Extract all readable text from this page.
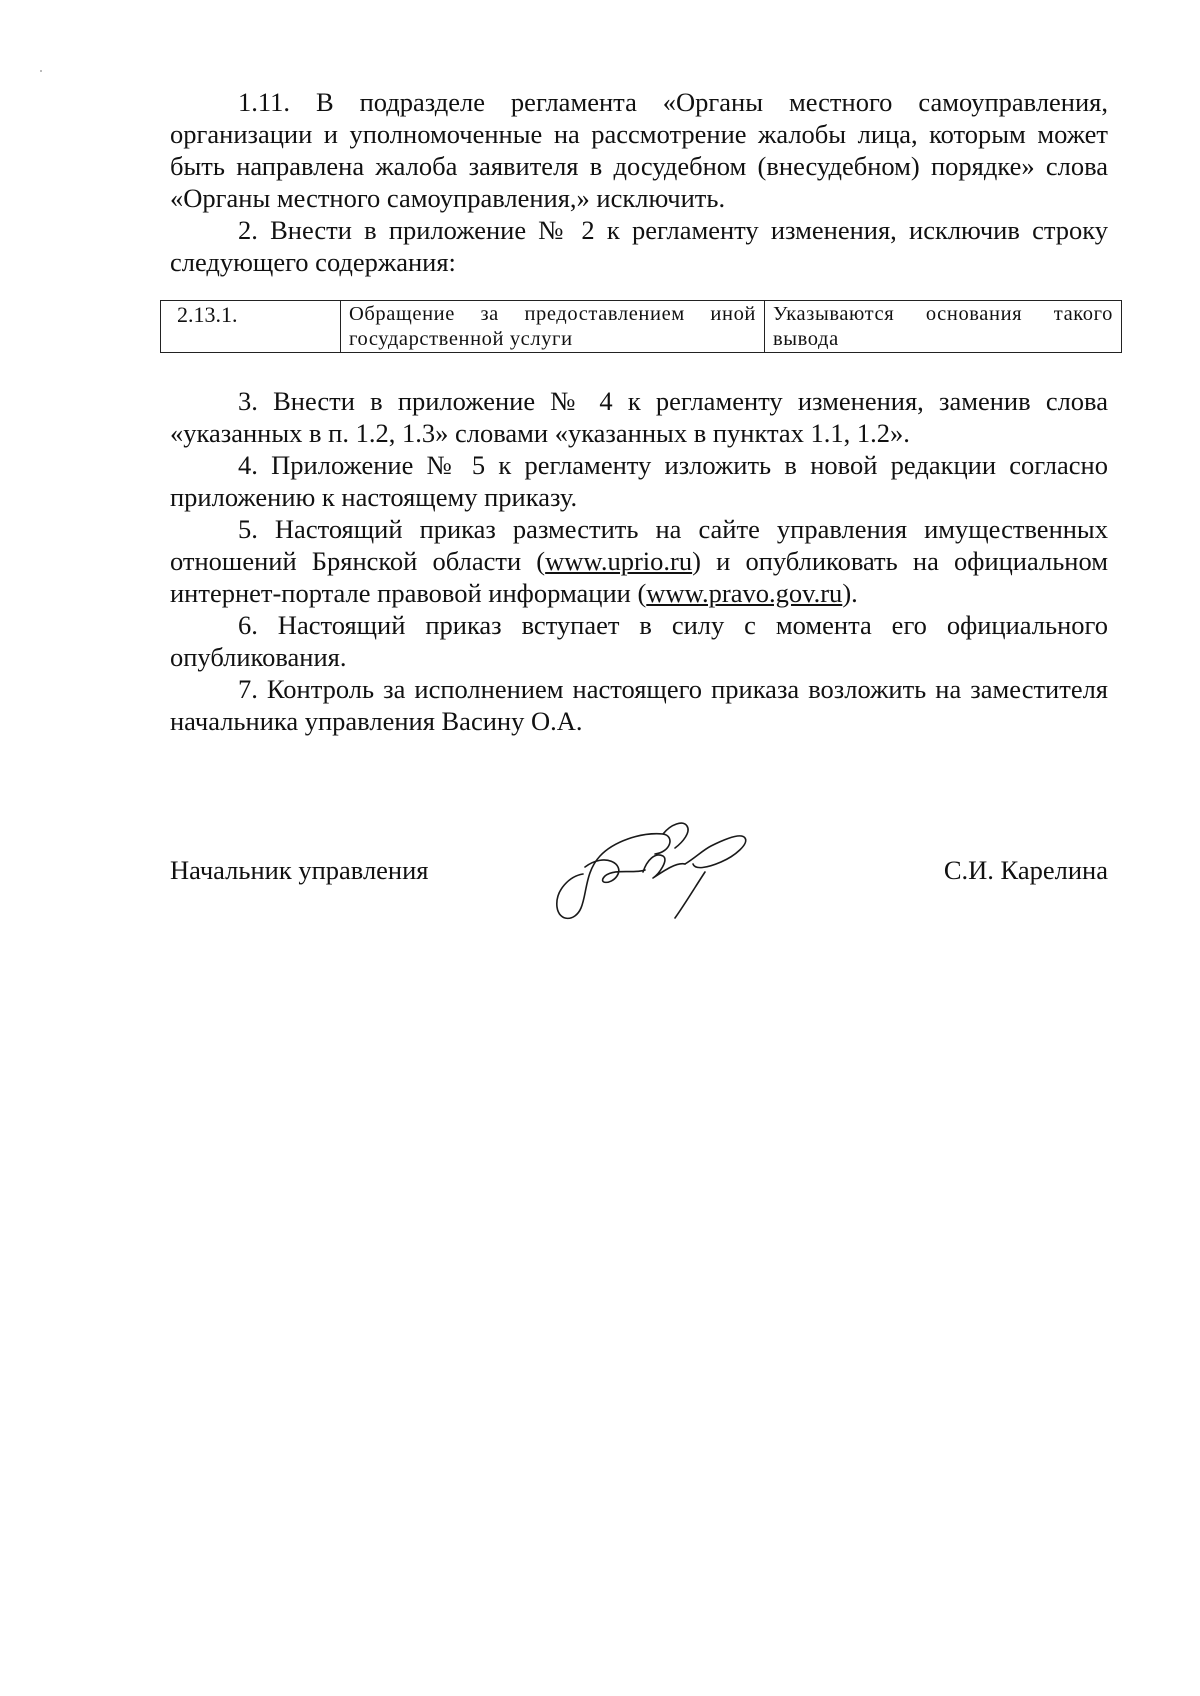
1.11. В подразделе регламента «Органы местного самоуправления, организации и уполномоченные на рассмотрение жалобы лица, которым может быть направлена жалоба заявителя в досудебном (внесудебном) порядке» слова «Органы местного самоуправления,» исключить.

2. Внести в приложение № 2 к регламенту изменения, исключив строку следующего содержания:

2.13.1.	Обращение за предоставлением иной государственной услуги	Указываются основания такого вывода

3. Внести в приложение № 4 к регламенту изменения, заменив слова «указанных в п. 1.2, 1.3» словами «указанных в пунктах 1.1, 1.2».

4. Приложение № 5 к регламенту изложить в новой редакции согласно приложению к настоящему приказу.

5. Настоящий приказ разместить на сайте управления имущественных отношений Брянской области (www.uprio.ru) и опубликовать на официальном интернет-портале правовой информации (www.pravo.gov.ru).

6. Настоящий приказ вступает в силу с момента его официального опубликования.

7. Контроль за исполнением настоящего приказа возложить на заместителя начальника управления Васину О.А.

Начальник управления	С.И. Карелина
